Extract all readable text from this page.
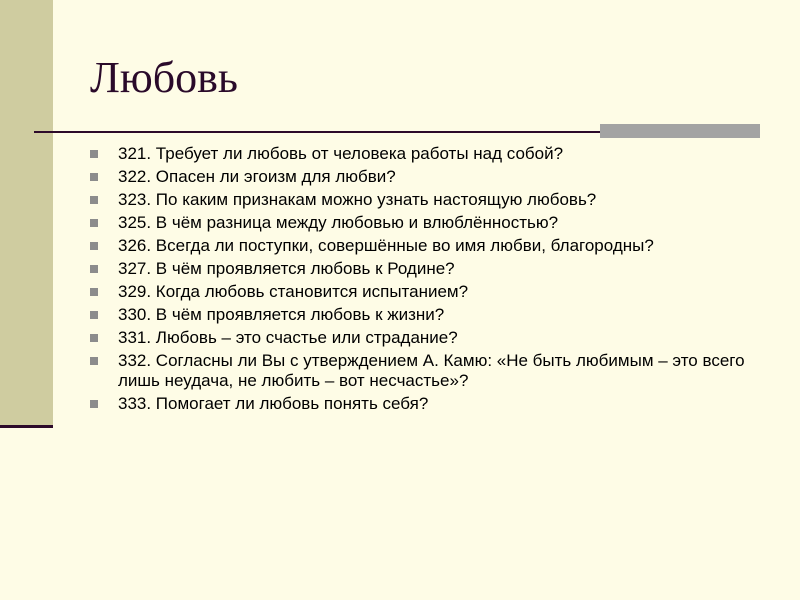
Любовь
321. Требует ли любовь от человека работы над собой?
322. Опасен ли эгоизм для любви?
323. По каким признакам можно узнать настоящую любовь?
325. В чём разница между любовью и влюблённостью?
326. Всегда ли поступки, совершённые во имя любви, благородны?
327. В чём проявляется любовь к Родине?
329. Когда любовь становится испытанием?
330. В чём проявляется любовь к жизни?
331. Любовь – это счастье или страдание?
332. Согласны ли Вы с утверждением А. Камю: «Не быть любимым – это всего лишь неудача, не любить – вот несчастье»?
333. Помогает ли любовь понять себя?
